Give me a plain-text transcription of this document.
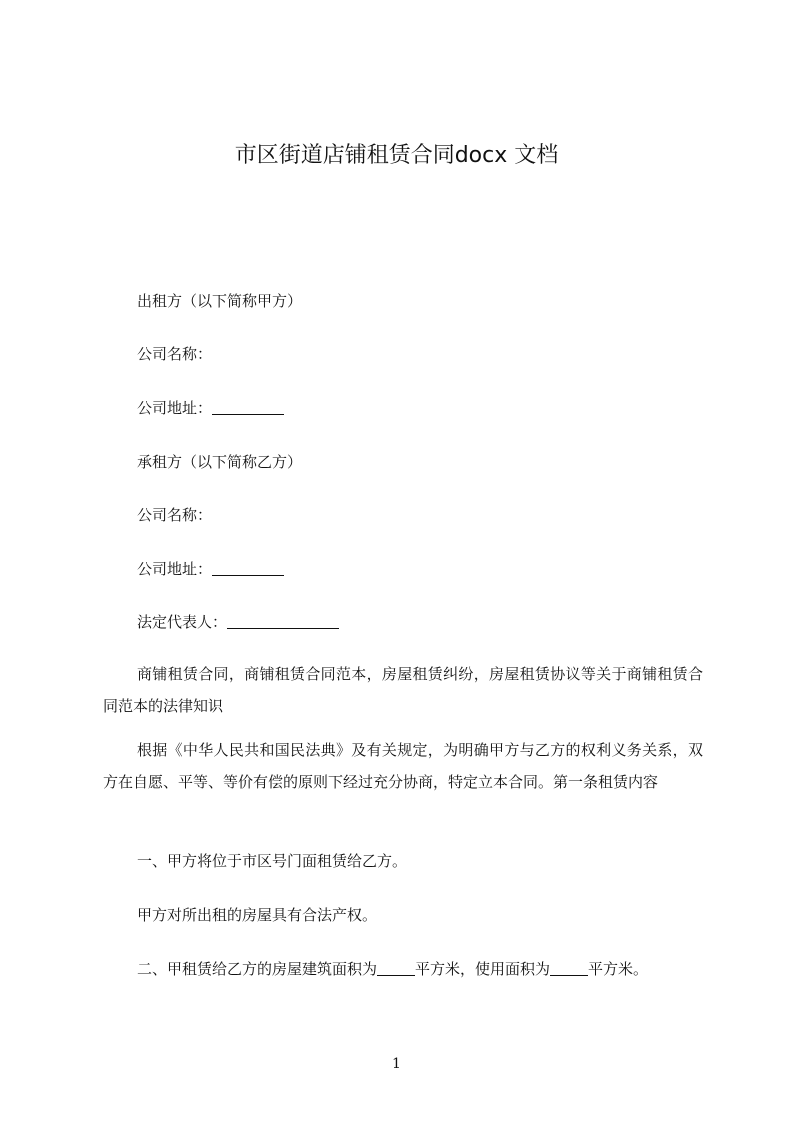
市区街道店铺租赁合同docx 文档
出租方（以下简称甲方）
公司名称：
公司地址：
承租方（以下简称乙方）
公司名称：
公司地址：
法定代表人：
商铺租赁合同，商铺租赁合同范本，房屋租赁纠纷，房屋租赁协议等关于商铺租赁合同范本的法律知识
根据《中华人民共和国民法典》及有关规定，为明确甲方与乙方的权利义务关系，双方在自愿、平等、等价有偿的原则下经过充分协商，特定立本合同。第一条租赁内容
一、甲方将位于市区号门面租赁给乙方。
甲方对所出租的房屋具有合法产权。
二、甲租赁给乙方的房屋建筑面积为	平方米，使用面积为	平方米。
1
